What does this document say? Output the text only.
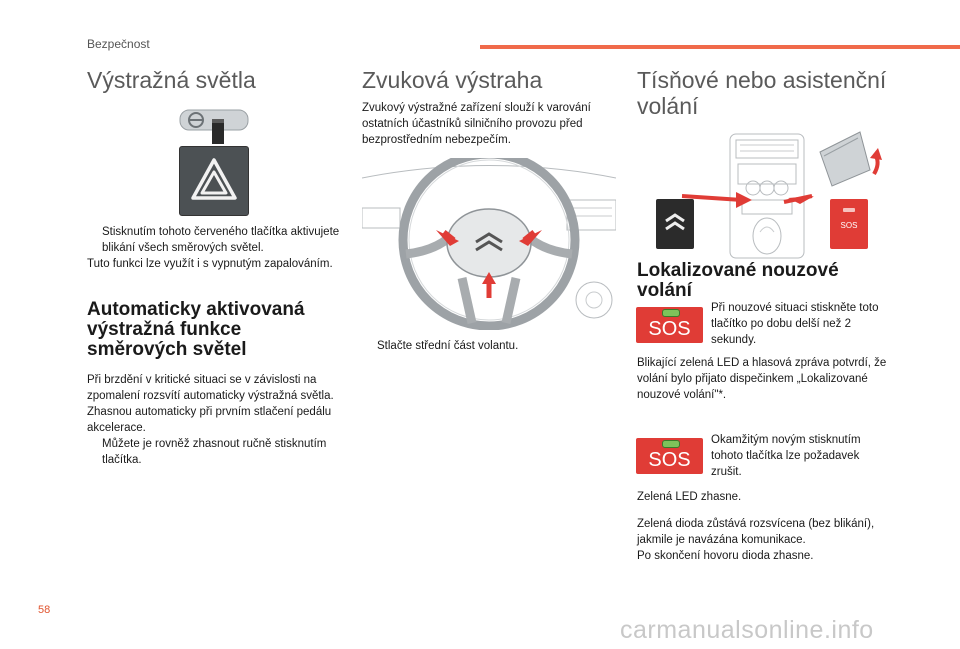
Bezpečnost
Výstražná světla
Stisknutím tohoto červeného tlačítka aktivujete blikání všech směrových světel.
Tuto funkci lze využít i s vypnutým zapalováním.
Automaticky aktivovaná výstražná funkce směrových světel
Při brzdění v kritické situaci se v závislosti na zpomalení rozsvítí automaticky výstražná světla.
Zhasnou automaticky při prvním stlačení pedálu akcelerace.
Můžete je rovněž zhasnout ručně stisknutím tlačítka.
Zvuková výstraha
Zvukový výstražné zařízení slouží k varování ostatních účastníků silničního provozu před bezprostředním nebezpečím.
Stlačte střední část volantu.
Tísňové nebo asistenční volání
SOS
Lokalizované nouzové volání
SOS
Při nouzové situaci stiskněte toto tlačítko po dobu delší než 2 sekundy.
Blikající zelená LED a hlasová zpráva potvrdí, že volání bylo přijato dispečinkem „Lokalizované nouzové volání"*.
SOS
Okamžitým novým stisknutím tohoto tlačítka lze požadavek zrušit.
Zelená LED zhasne.
Zelená dioda zůstává rozsvícena (bez blikání), jakmile je navázána komunikace.
Po skončení hovoru dioda zhasne.
58
carmanualsonline.info
